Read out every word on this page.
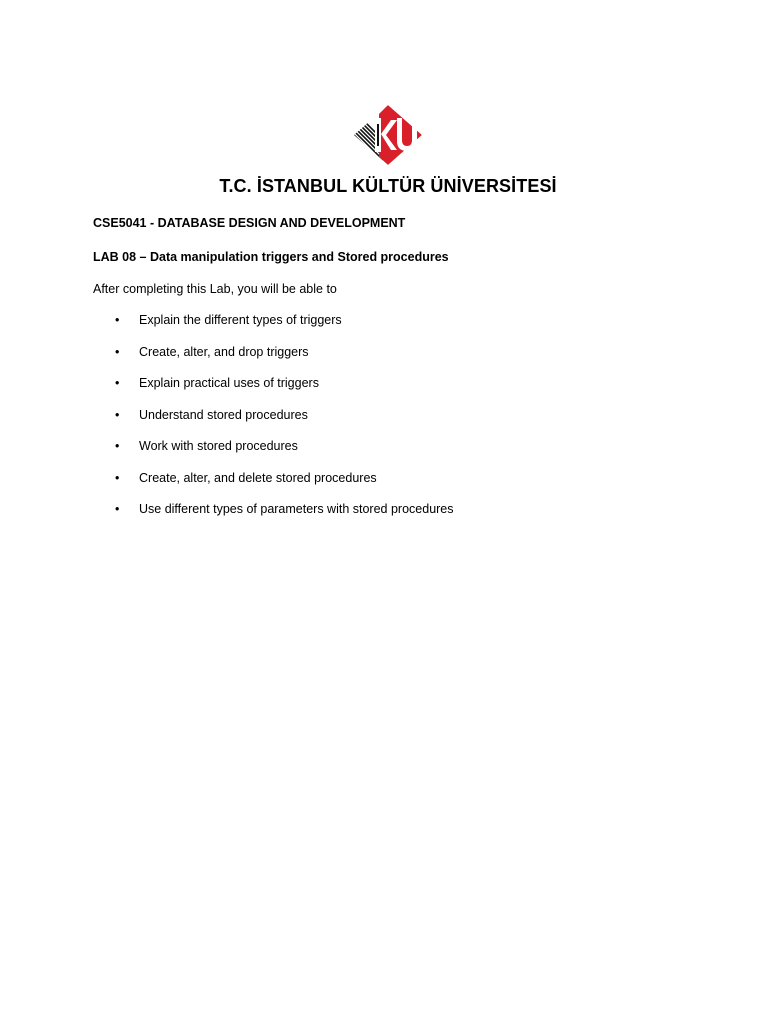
T.C. İSTANBUL KÜLTÜR ÜNİVERSİTESİ
CSE5041 - DATABASE DESIGN AND DEVELOPMENT
LAB 08 – Data manipulation triggers and Stored procedures
After completing this Lab, you will be able to
• Explain the different types of triggers
• Create, alter, and drop triggers
• Explain practical uses of triggers
• Understand stored procedures
• Work with stored procedures
• Create, alter, and delete stored procedures
• Use different types of parameters with stored procedures
